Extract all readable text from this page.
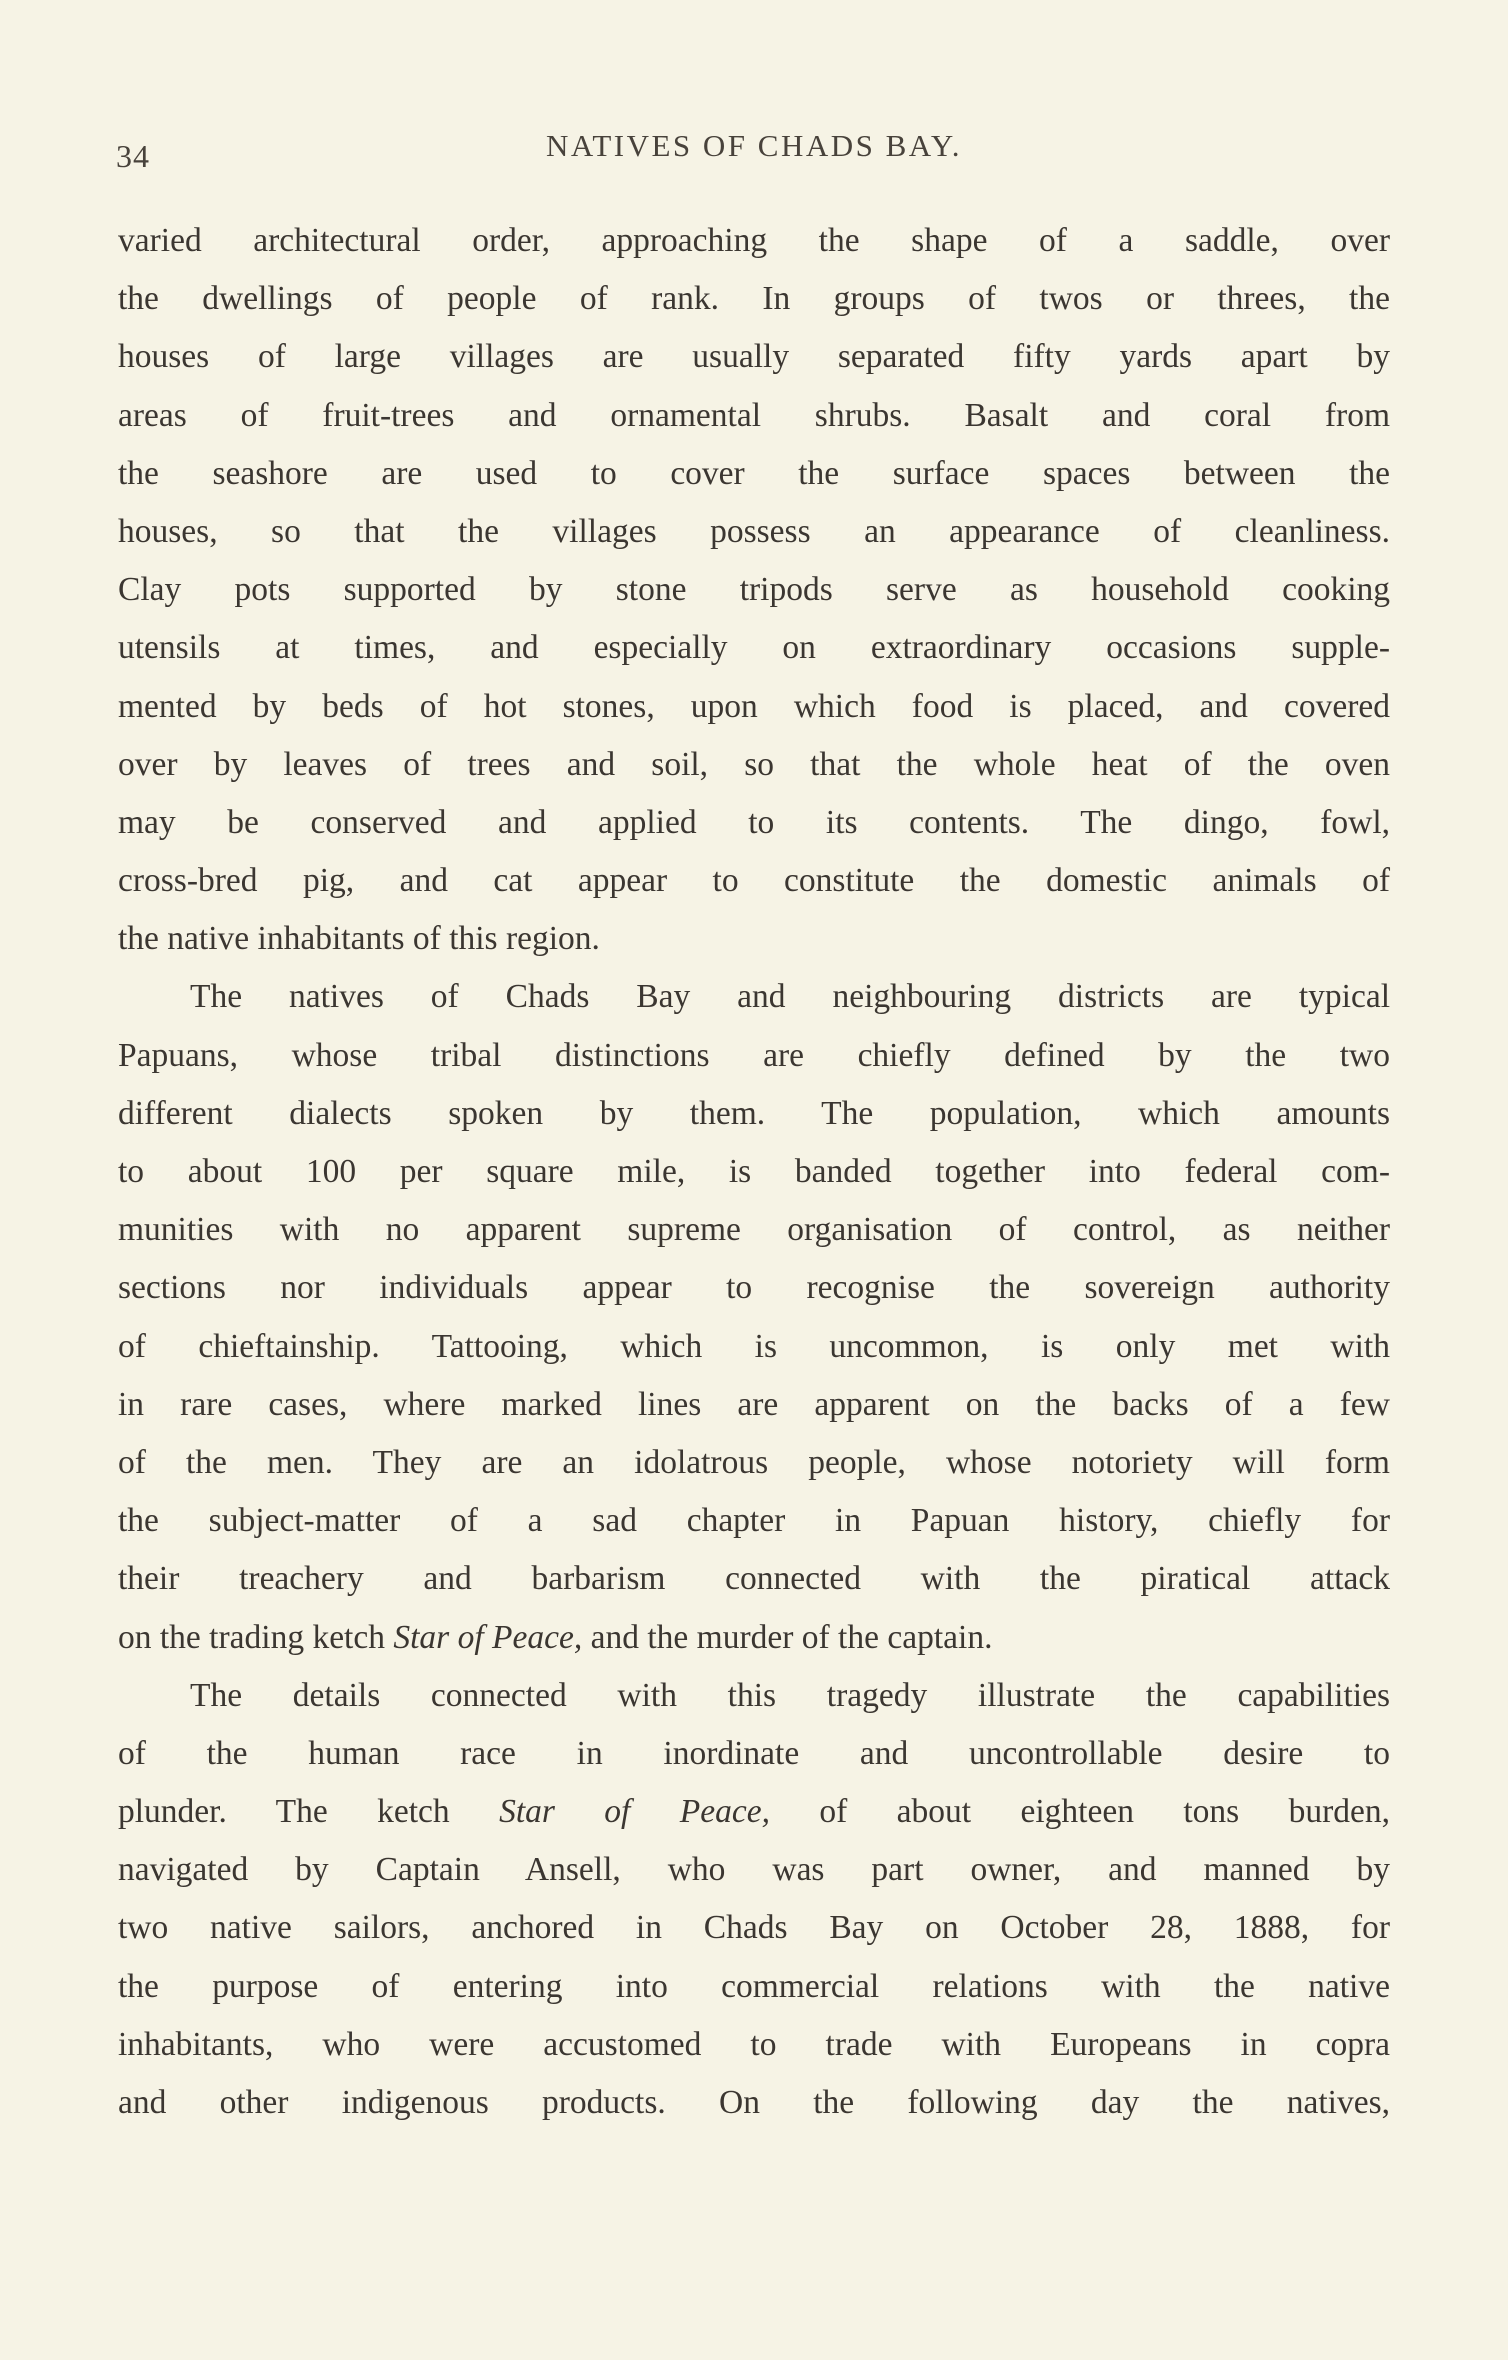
34	NATIVES OF CHADS BAY.
varied architectural order, approaching the shape of a saddle, over
the dwellings of people of rank. In groups of twos or threes, the
houses of large villages are usually separated fifty yards apart by
areas of fruit-trees and ornamental shrubs. Basalt and coral from
the seashore are used to cover the surface spaces between the
houses, so that the villages possess an appearance of cleanliness.
Clay pots supported by stone tripods serve as household cooking
utensils at times, and especially on extraordinary occasions supple-
mented by beds of hot stones, upon which food is placed, and covered
over by leaves of trees and soil, so that the whole heat of the oven
may be conserved and applied to its contents. The dingo, fowl,
cross-bred pig, and cat appear to constitute the domestic animals of
the native inhabitants of this region.
The natives of Chads Bay and neighbouring districts are typical
Papuans, whose tribal distinctions are chiefly defined by the two
different dialects spoken by them. The population, which amounts
to about 100 per square mile, is banded together into federal com-
munities with no apparent supreme organisation of control, as neither
sections nor individuals appear to recognise the sovereign authority
of chieftainship. Tattooing, which is uncommon, is only met with
in rare cases, where marked lines are apparent on the backs of a few
of the men. They are an idolatrous people, whose notoriety will form
the subject-matter of a sad chapter in Papuan history, chiefly for
their treachery and barbarism connected with the piratical attack
on the trading ketch Star of Peace, and the murder of the captain.
The details connected with this tragedy illustrate the capabilities
of the human race in inordinate and uncontrollable desire to
plunder. The ketch Star of Peace, of about eighteen tons burden,
navigated by Captain Ansell, who was part owner, and manned by
two native sailors, anchored in Chads Bay on October 28, 1888, for
the purpose of entering into commercial relations with the native
inhabitants, who were accustomed to trade with Europeans in copra
and other indigenous products. On the following day the natives,
